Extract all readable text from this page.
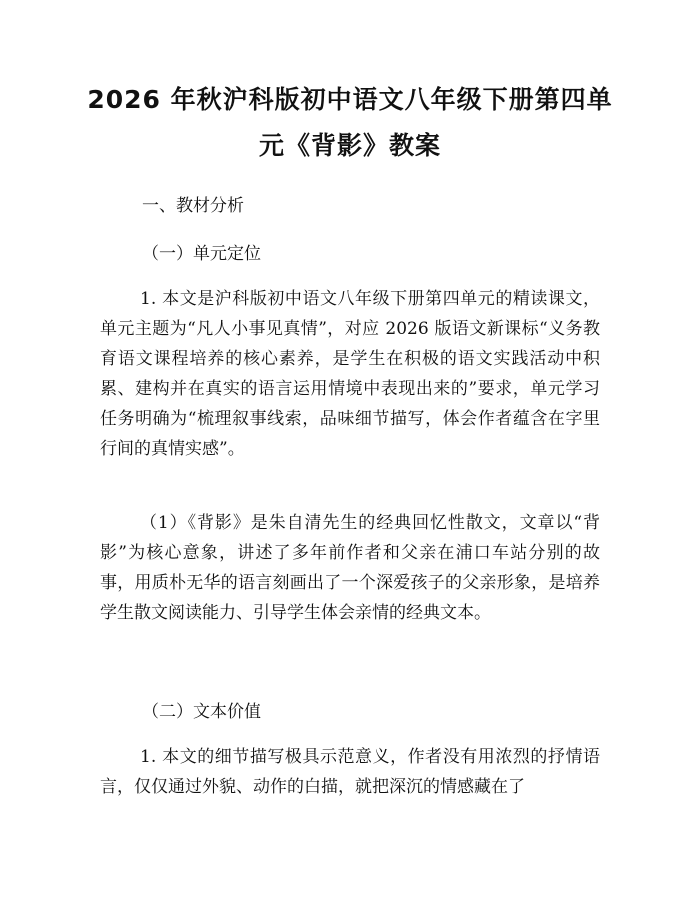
2026 年秋沪科版初中语文八年级下册第四单
元《背影》教案
一、教材分析
（一）单元定位
1. 本文是沪科版初中语文八年级下册第四单元的精读课文，单元主题为“凡人小事见真情”，对应 2026 版语文新课标“义务教育语文课程培养的核心素养，是学生在积极的语文实践活动中积累、建构并在真实的语言运用情境中表现出来的”要求，单元学习任务明确为“梳理叙事线索，品味细节描写，体会作者蕴含在字里行间的真情实感”。
（1）《背影》是朱自清先生的经典回忆性散文，文章以“背影”为核心意象，讲述了多年前作者和父亲在浦口车站分别的故事，用质朴无华的语言刻画出了一个深爱孩子的父亲形象，是培养学生散文阅读能力、引导学生体会亲情的经典文本。
（二）文本价值
1. 本文的细节描写极具示范意义，作者没有用浓烈的抒情语言，仅仅通过外貌、动作的白描，就把深沉的情感藏在了
